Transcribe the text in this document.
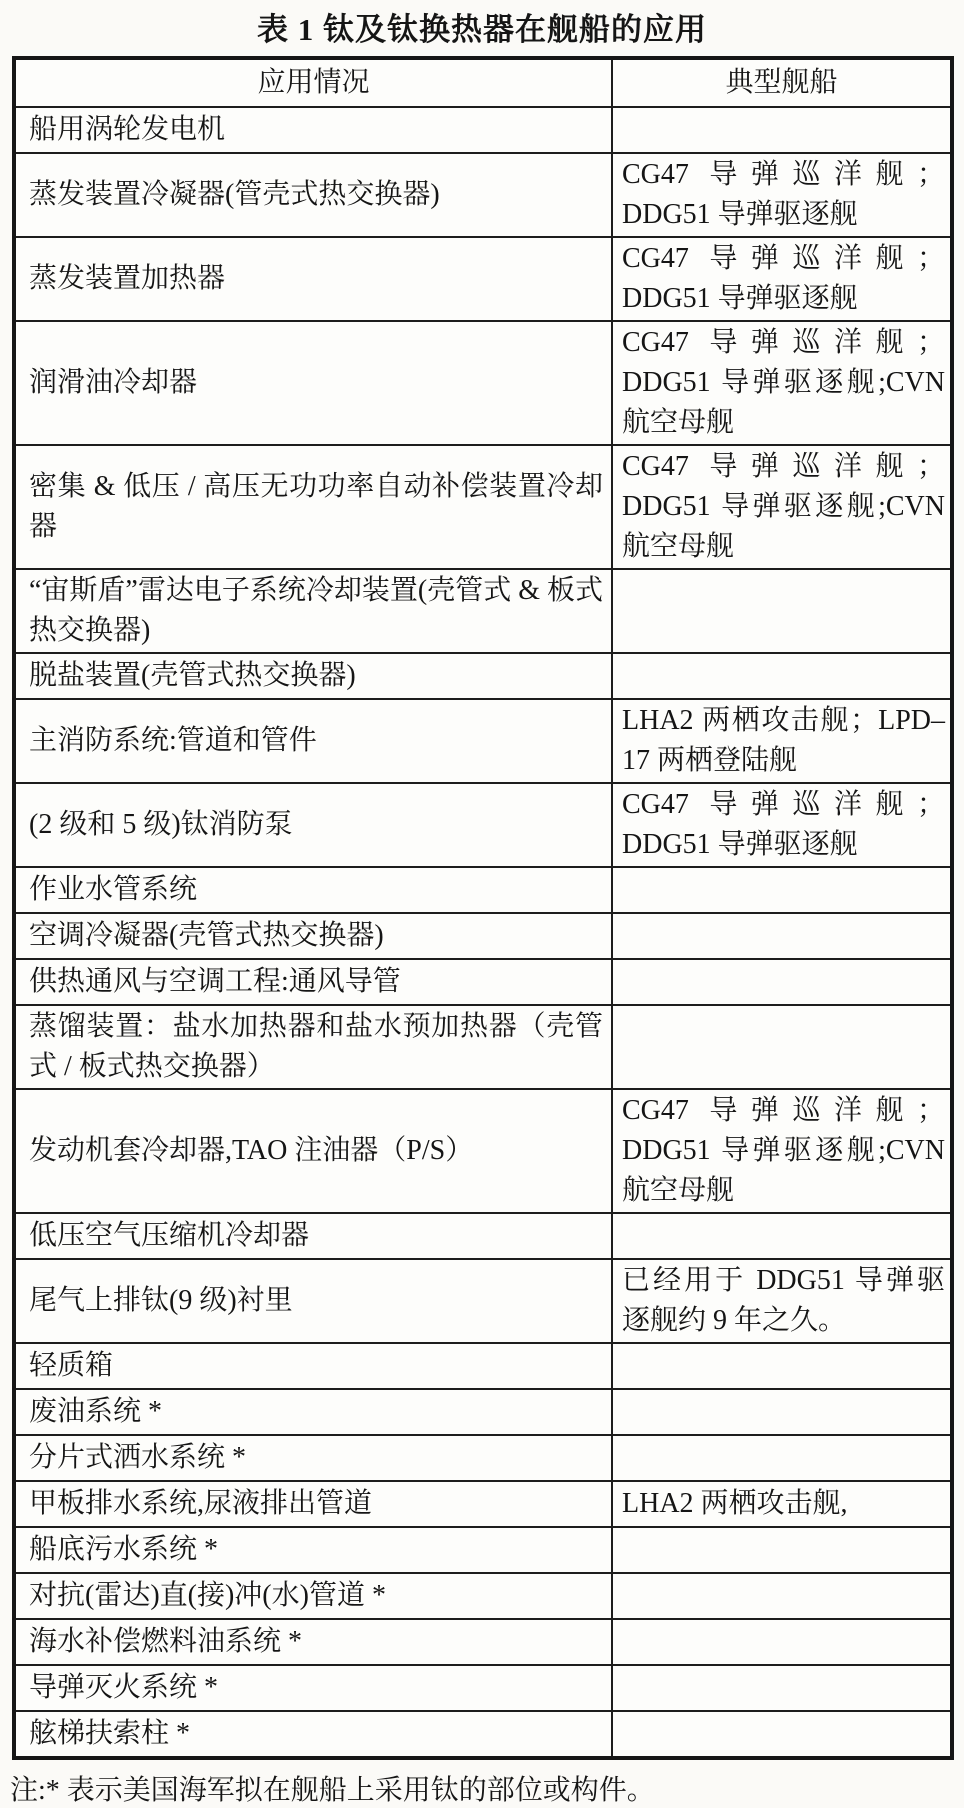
表 1 钛及钛换热器在舰船的应用
应用情况	典型舰船
船用涡轮发电机	
蒸发装置冷凝器(管壳式热交换器)	CG47 导弹巡洋舰；DDG51 导弹驱逐舰
蒸发装置加热器	CG47 导弹巡洋舰；DDG51 导弹驱逐舰
润滑油冷却器	CG47 导弹巡洋舰；DDG51 导弹驱逐舰;CVN 航空母舰
密集 & 低压 / 高压无功功率自动补偿装置冷却器	CG47 导弹巡洋舰；DDG51 导弹驱逐舰;CVN 航空母舰
“宙斯盾”雷达电子系统冷却装置(壳管式 & 板式热交换器)	
脱盐装置(壳管式热交换器)	
主消防系统:管道和管件	LHA2 两栖攻击舰；LPD–17 两栖登陆舰
(2 级和 5 级)钛消防泵	CG47 导弹巡洋舰；DDG51 导弹驱逐舰
作业水管系统	
空调冷凝器(壳管式热交换器)	
供热通风与空调工程:通风导管	
蒸馏装置：盐水加热器和盐水预加热器（壳管式 / 板式热交换器）	
发动机套冷却器,TAO 注油器（P/S）	CG47 导弹巡洋舰；DDG51 导弹驱逐舰;CVN 航空母舰
低压空气压缩机冷却器	
尾气上排钛(9 级)衬里	已经用于 DDG51 导弹驱逐舰约 9 年之久。
轻质箱	
废油系统 *	
分片式洒水系统 *	
甲板排水系统,尿液排出管道	LHA2 两栖攻击舰,
船底污水系统 *	
对抗(雷达)直(接)冲(水)管道 *	
海水补偿燃料油系统 *	
导弹灭火系统 *	
舷梯扶索柱 *	
注:* 表示美国海军拟在舰船上采用钛的部位或构件。
